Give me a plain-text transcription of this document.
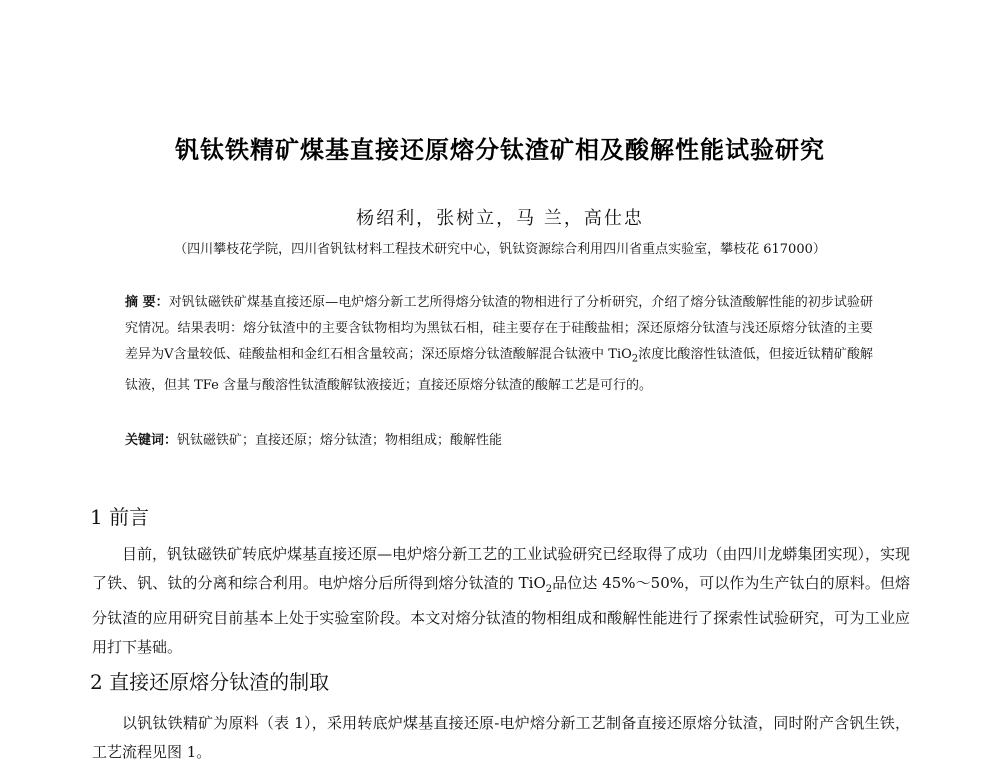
钒钛铁精矿煤基直接还原熔分钛渣矿相及酸解性能试验研究
杨绍利，张树立，马 兰，高仕忠
（四川攀枝花学院，四川省钒钛材料工程技术研究中心，钒钛资源综合利用四川省重点实验室，攀枝花 617000）
摘 要：对钒钛磁铁矿煤基直接还原—电炉熔分新工艺所得熔分钛渣的物相进行了分析研究，介绍了熔分钛渣酸解性能的初步试验研究情况。结果表明：熔分钛渣中的主要含钛物相均为黑钛石相，硅主要存在于硅酸盐相；深还原熔分钛渣与浅还原熔分钛渣的主要差异为V含量较低、硅酸盐相和金红石相含量较高；深还原熔分钛渣酸解混合钛液中 TiO$_2$浓度比酸溶性钛渣低，但接近钛精矿酸解钛液，但其 TFe 含量与酸溶性钛渣酸解钛液接近；直接还原熔分钛渣的酸解工艺是可行的。
关键词：钒钛磁铁矿；直接还原；熔分钛渣；物相组成；酸解性能
1 前言
目前，钒钛磁铁矿转底炉煤基直接还原—电炉熔分新工艺的工业试验研究已经取得了成功（由四川龙蟒集团实现），实现了铁、钒、钛的分离和综合利用。电炉熔分后所得到熔分钛渣的 TiO$_2$品位达 45%～50%，可以作为生产钛白的原料。但熔分钛渣的应用研究目前基本上处于实验室阶段。本文对熔分钛渣的物相组成和酸解性能进行了探索性试验研究，可为工业应用打下基础。
2 直接还原熔分钛渣的制取
以钒钛铁精矿为原料（表 1），采用转底炉煤基直接还原-电炉熔分新工艺制备直接还原熔分钛渣，同时附产含钒生铁，工艺流程见图 1。
